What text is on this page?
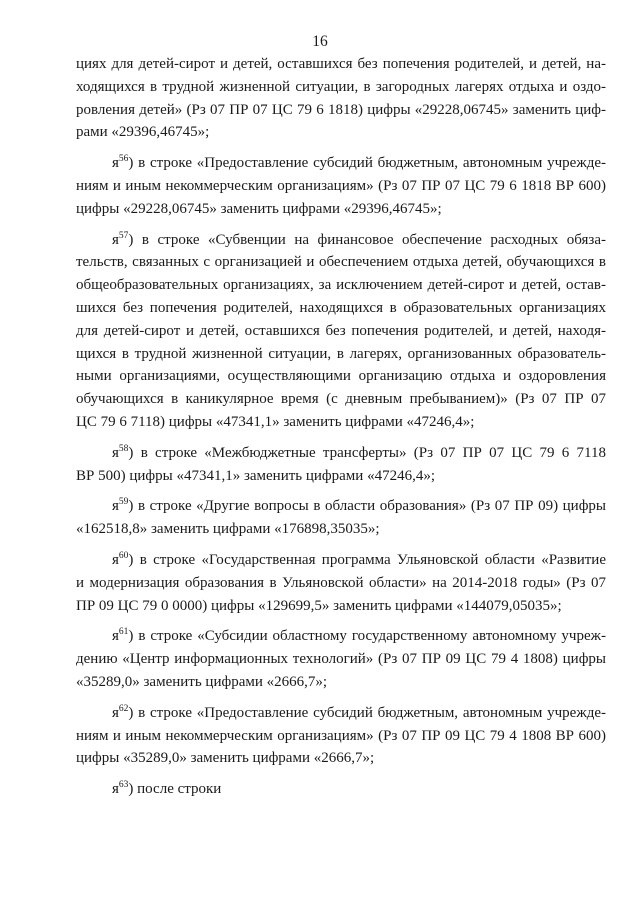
16
циях для детей-сирот и детей, оставшихся без попечения родителей, и детей, на-
ходящихся в трудной жизненной ситуации, в загородных лагерях отдыха и оздо-
ровления детей» (Рз 07 ПР 07 ЦС 79 6 1818) цифры «29228,06745» заменить циф-
рами «29396,46745»;
$я^{56}$) в строке «Предоставление субсидий бюджетным, автономным учрежде-
ниям и иным некоммерческим организациям» (Рз 07 ПР 07 ЦС 79 6 1818 ВР 600)
цифры «29228,06745» заменить цифрами «29396,46745»;
$я^{57}$) в строке «Субвенции на финансовое обеспечение расходных обяза-
тельств, связанных с организацией и обеспечением отдыха детей, обучающихся в
общеобразовательных организациях, за исключением детей-сирот и детей, остав-
шихся без попечения родителей, находящихся в образовательных организациях
для детей-сирот и детей, оставшихся без попечения родителей, и детей, находя-
щихся в трудной жизненной ситуации, в лагерях, организованных образователь-
ными организациями, осуществляющими организацию отдыха и оздоровления
обучающихся в каникулярное время (с дневным пребыванием)» (Рз 07 ПР 07
ЦС 79 6 7118) цифры «47341,1» заменить цифрами «47246,4»;
$я^{58}$) в строке «Межбюджетные трансферты» (Рз 07 ПР 07 ЦС 79 6 7118
ВР 500) цифры «47341,1» заменить цифрами «47246,4»;
$я^{59}$) в строке «Другие вопросы в области образования» (Рз 07 ПР 09) цифры
«162518,8» заменить цифрами «176898,35035»;
$я^{60}$) в строке «Государственная программа Ульяновской области «Развитие
и модернизация образования в Ульяновской области» на 2014-2018 годы» (Рз 07
ПР 09 ЦС 79 0 0000) цифры «129699,5» заменить цифрами «144079,05035»;
$я^{61}$) в строке «Субсидии областному государственному автономному учреж-
дению «Центр информационных технологий» (Рз 07 ПР 09 ЦС 79 4 1808) цифры
«35289,0» заменить цифрами «2666,7»;
$я^{62}$) в строке «Предоставление субсидий бюджетным, автономным учрежде-
ниям и иным некоммерческим организациям» (Рз 07 ПР 09 ЦС 79 4 1808 ВР 600)
цифры «35289,0» заменить цифрами «2666,7»;
$я^{63}$) после строки
